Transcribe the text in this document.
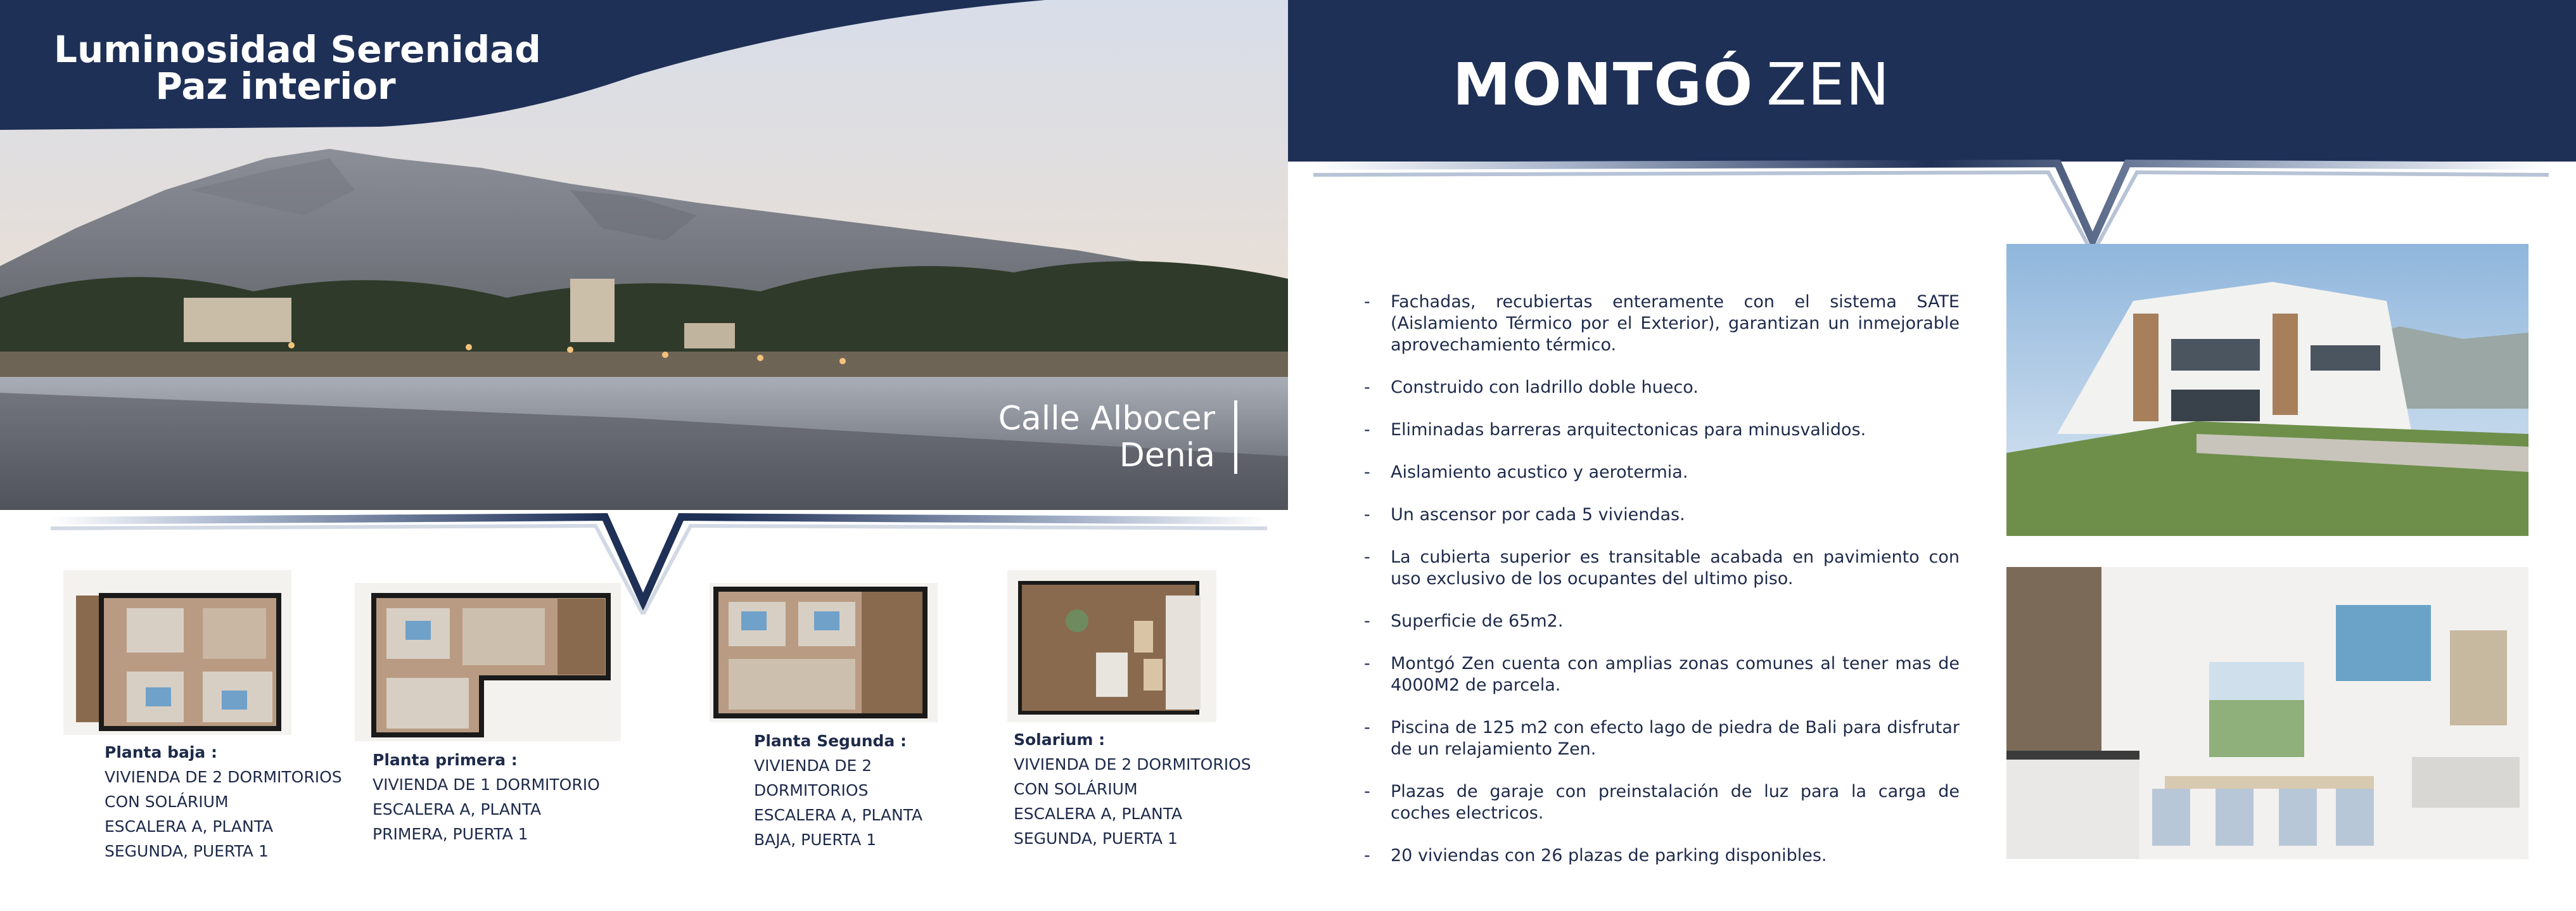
Luminosidad Serenidad
Paz interior
Calle Albocer
Denia
Planta baja :
VIVIENDA DE 2 DORMITORIOS
CON SOLÁRIUM
ESCALERA A, PLANTA
SEGUNDA, PUERTA 1
Planta primera :
VIVIENDA DE 1 DORMITORIO
ESCALERA A, PLANTA
PRIMERA, PUERTA 1
Planta Segunda :
VIVIENDA DE 2
DORMITORIOS
ESCALERA A, PLANTA
BAJA, PUERTA 1
Solarium :
VIVIENDA DE 2 DORMITORIOS
CON SOLÁRIUM
ESCALERA A, PLANTA
SEGUNDA, PUERTA 1
MONTGÓ ZEN
- Fachadas, recubiertas enteramente con el sistema SATE (Aislamiento Térmico por el Exterior), garantizan un inmejorable aprovechamiento térmico.
- Construido con ladrillo doble hueco.
- Eliminadas barreras arquitectonicas para minusvalidos.
- Aislamiento acustico y aerotermia.
- Un ascensor por cada 5 viviendas.
- La cubierta superior es transitable acabada en pavimiento con uso exclusivo de los ocupantes del ultimo piso.
- Superficie de 65m2.
- Montgó Zen cuenta con amplias zonas comunes al tener mas de 4000M2 de parcela.
- Piscina de 125 m2 con efecto lago de piedra de Bali para disfrutar de un relajamiento Zen.
- Plazas de garaje con preinstalación de luz para la carga de coches electricos.
- 20 viviendas con 26 plazas de parking disponibles.
